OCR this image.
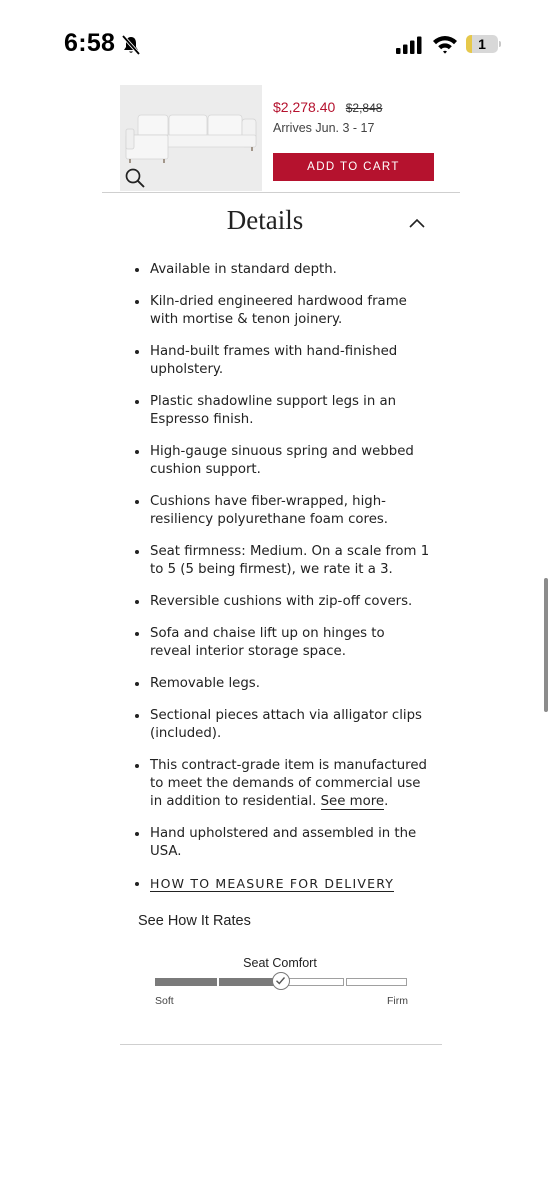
6:58	1
$2,278.40 $2,848
Arrives Jun. 3 - 17
ADD TO CART
Details
Available in standard depth.
Kiln-dried engineered hardwood frame with mortise & tenon joinery.
Hand-built frames with hand-finished upholstery.
Plastic shadowline support legs in an Espresso finish.
High-gauge sinuous spring and webbed cushion support.
Cushions have fiber-wrapped, high-resiliency polyurethane foam cores.
Seat firmness: Medium. On a scale from 1 to 5 (5 being firmest), we rate it a 3.
Reversible cushions with zip-off covers.
Sofa and chaise lift up on hinges to reveal interior storage space.
Removable legs.
Sectional pieces attach via alligator clips (included).
This contract-grade item is manufactured to meet the demands of commercial use in addition to residential. See more.
Hand upholstered and assembled in the USA.
HOW TO MEASURE FOR DELIVERY
See How It Rates
Seat Comfort
Soft	Firm
